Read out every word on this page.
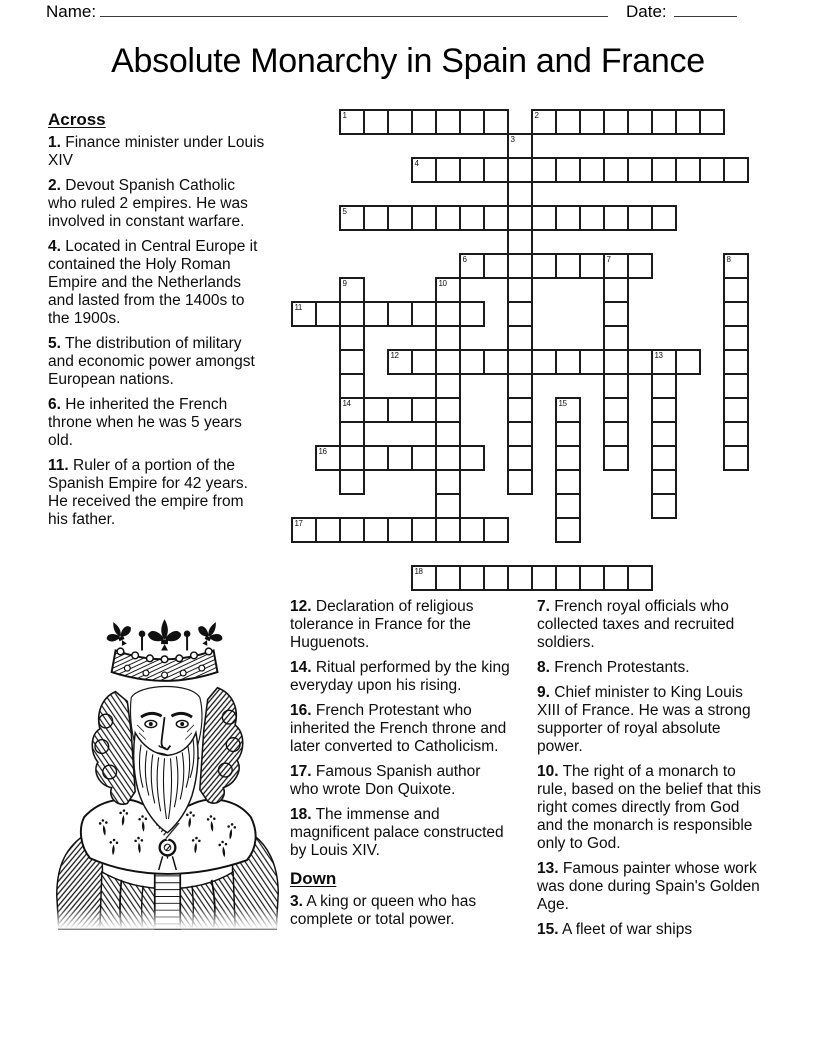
Name:	Date:
Absolute Monarchy in Spain and France
Across

1. Finance minister under Louis XIV

2. Devout Spanish Catholic who ruled 2 empires. He was involved in constant warfare.

4. Located in Central Europe it contained the Holy Roman Empire and the Netherlands and lasted from the 1400s to the 1900s.

5. The distribution of military and economic power amongst European nations.

6. He inherited the French throne when he was 5 years old.

11. Ruler of a portion of the Spanish Empire for 42 years. He received the empire from his father.

1	2
4
5
6	7
11
12	13
14
16
17
18
3
8
9	10
15

12. Declaration of religious tolerance in France for the Huguenots.

14. Ritual performed by the king everyday upon his rising.

16. French Protestant who inherited the French throne and later converted to Catholicism.

17. Famous Spanish author who wrote Don Quixote.

18. The immense and magnificent palace constructed by Louis XIV.

Down

3. A king or queen who has complete or total power.

7. French royal officials who collected taxes and recruited soldiers.

8. French Protestants.

9. Chief minister to King Louis XIII of France. He was a strong supporter of royal absolute power.

10. The right of a monarch to rule, based on the belief that this right comes directly from God and the monarch is responsible only to God.

13. Famous painter whose work was done during Spain's Golden Age.

15. A fleet of war ships
